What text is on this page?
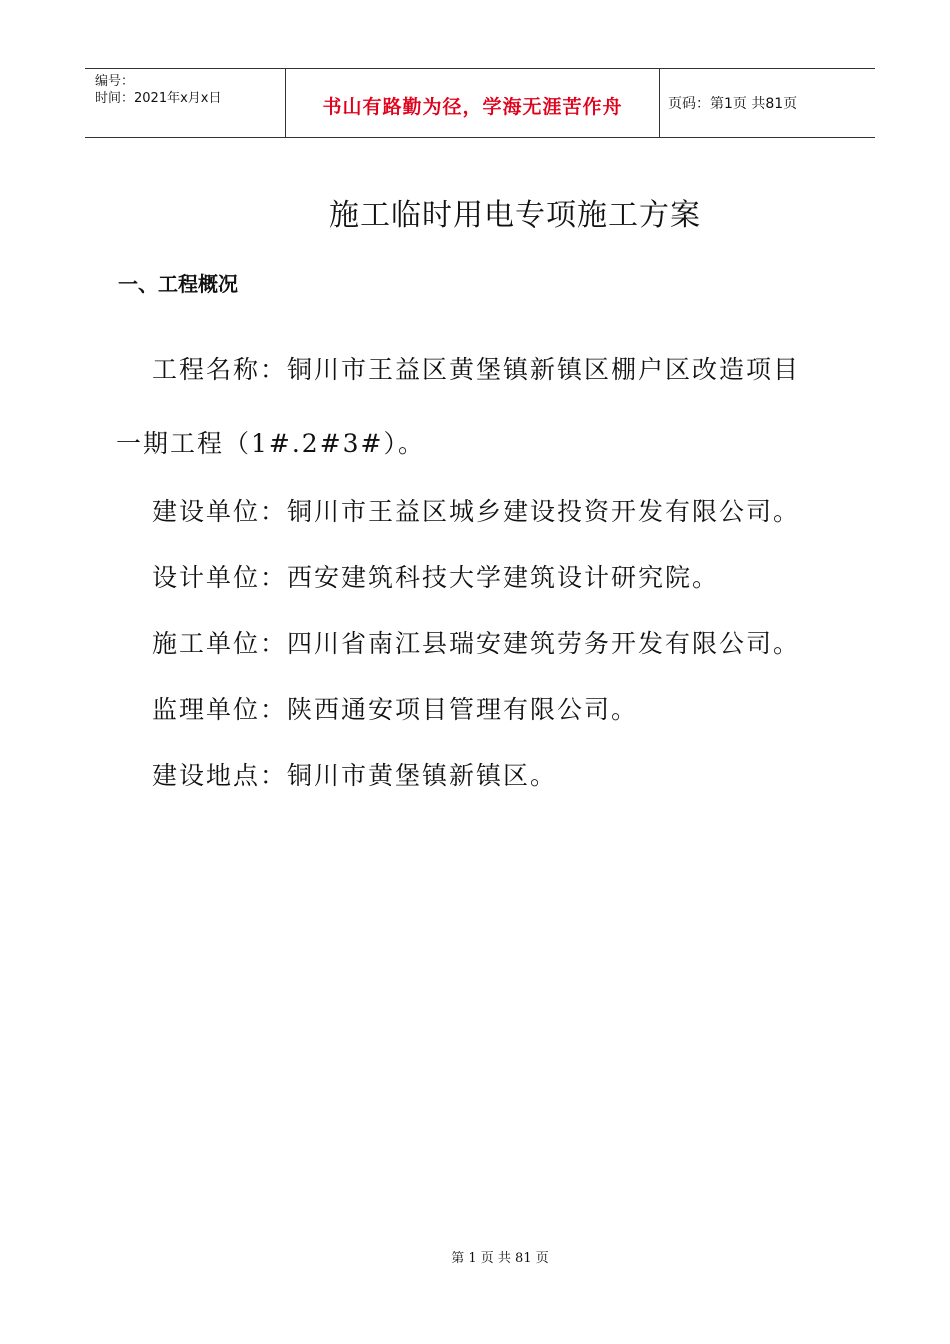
编号：
时间：2021年x月x日	书山有路勤为径，学海无涯苦作舟	页码：第1页 共81页
施工临时用电专项施工方案
一、工程概况
工程名称：铜川市王益区黄堡镇新镇区棚户区改造项目
一期工程（1#.2#3#）。
建设单位：铜川市王益区城乡建设投资开发有限公司。
设计单位：西安建筑科技大学建筑设计研究院。
施工单位：四川省南江县瑞安建筑劳务开发有限公司。
监理单位：陕西通安项目管理有限公司。
建设地点：铜川市黄堡镇新镇区。
第 1 页 共 81 页
